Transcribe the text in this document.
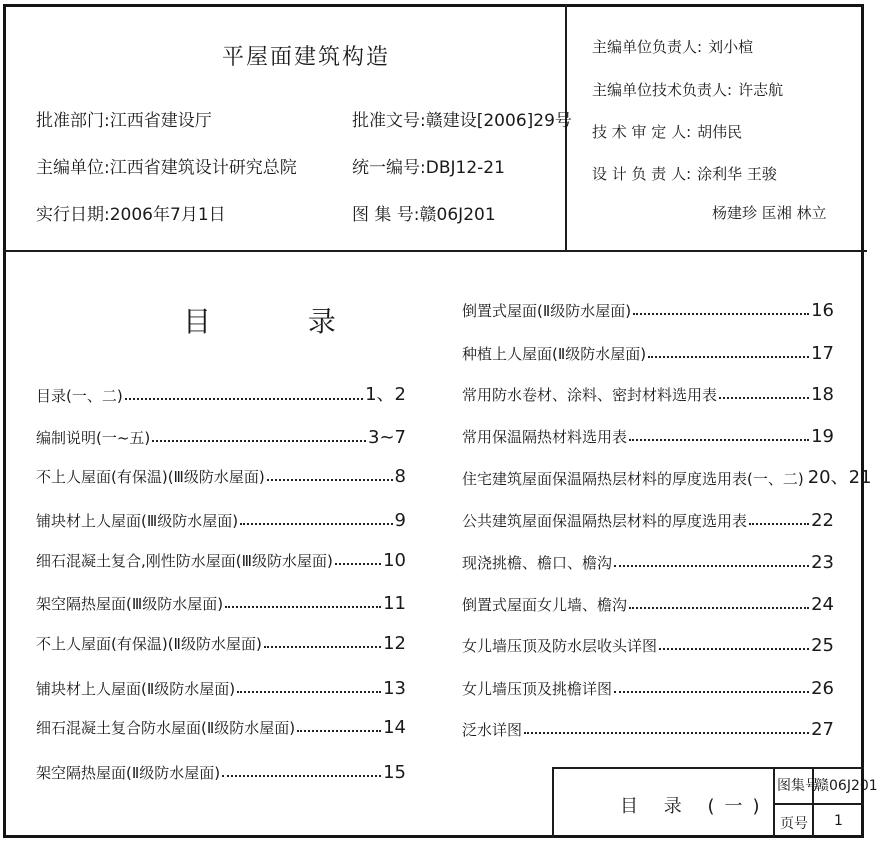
平屋面建筑构造
批准部门:江西省建设厅	批准文号:赣建设[2006]29号
主编单位:江西省建筑设计研究总院	统一编号:DBJ12-21
实行日期:2006年7月1日	图 集 号:赣06J201
主编单位负责人: 刘小楦
主编单位技术负责人: 许志航
技 术 审 定 人: 胡伟民
设 计 负 责 人: 涂利华 王骏
杨建珍 匡湘 林立
目 录
目录(一、二)	1、2
编制说明(一~五)	3~7
不上人屋面(有保温)(Ⅲ级防水屋面)	8
铺块材上人屋面(Ⅲ级防水屋面)	9
细石混凝土复合,刚性防水屋面(Ⅲ级防水屋面)	10
架空隔热屋面(Ⅲ级防水屋面)	11
不上人屋面(有保温)(Ⅱ级防水屋面)	12
铺块材上人屋面(Ⅱ级防水屋面)	13
细石混凝土复合防水屋面(Ⅱ级防水屋面)	14
架空隔热屋面(Ⅱ级防水屋面)	15
倒置式屋面(Ⅱ级防水屋面)	16
种植上人屋面(Ⅱ级防水屋面)	17
常用防水卷材、涂料、密封材料选用表	18
常用保温隔热材料选用表	19
住宅建筑屋面保温隔热层材料的厚度选用表(一、二) 20、21
公共建筑屋面保温隔热层材料的厚度选用表	22
现浇挑檐、檐口、檐沟	23
倒置式屋面女儿墙、檐沟	24
女儿墙压顶及防水层收头详图	25
女儿墙压顶及挑檐详图	26
泛水详图	27
目 录 (一)
图集号
赣06J201
页号 1
